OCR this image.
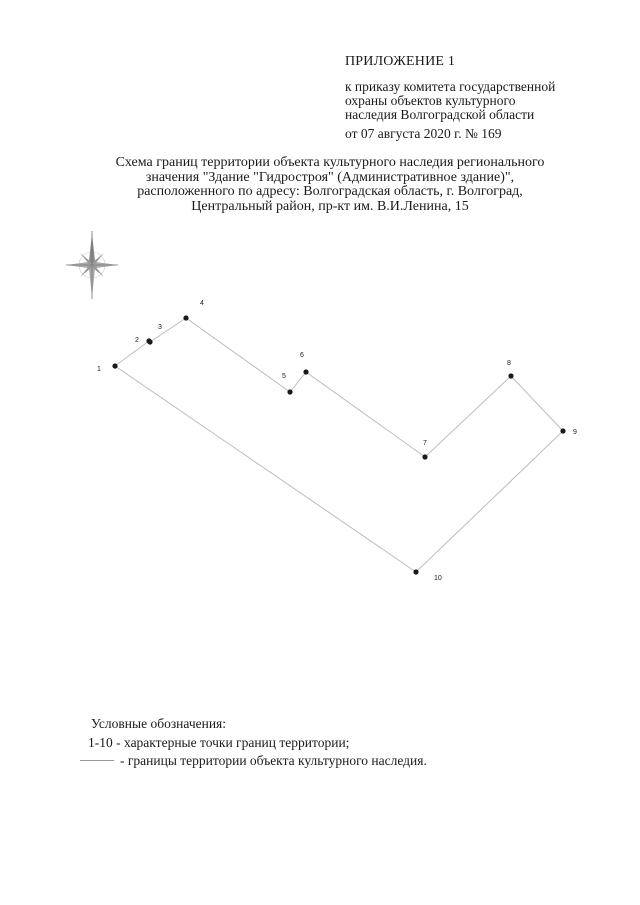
ПРИЛОЖЕНИЕ 1
к приказу комитета государственной
охраны объектов культурного
наследия Волгоградской области
от 07 августа 2020 г. № 169
Схема границ территории объекта культурного наследия регионального
значения "Здание "Гидростроя" (Административное здание)",
расположенного по адресу: Волгоградская область, г. Волгоград,
Центральный район, пр-кт им. В.И.Ленина, 15
1
2
3
4
5
6
7
8
9
10
Условные обозначения:
1-10 - характерные точки границ территории;
- границы территории объекта культурного наследия.
